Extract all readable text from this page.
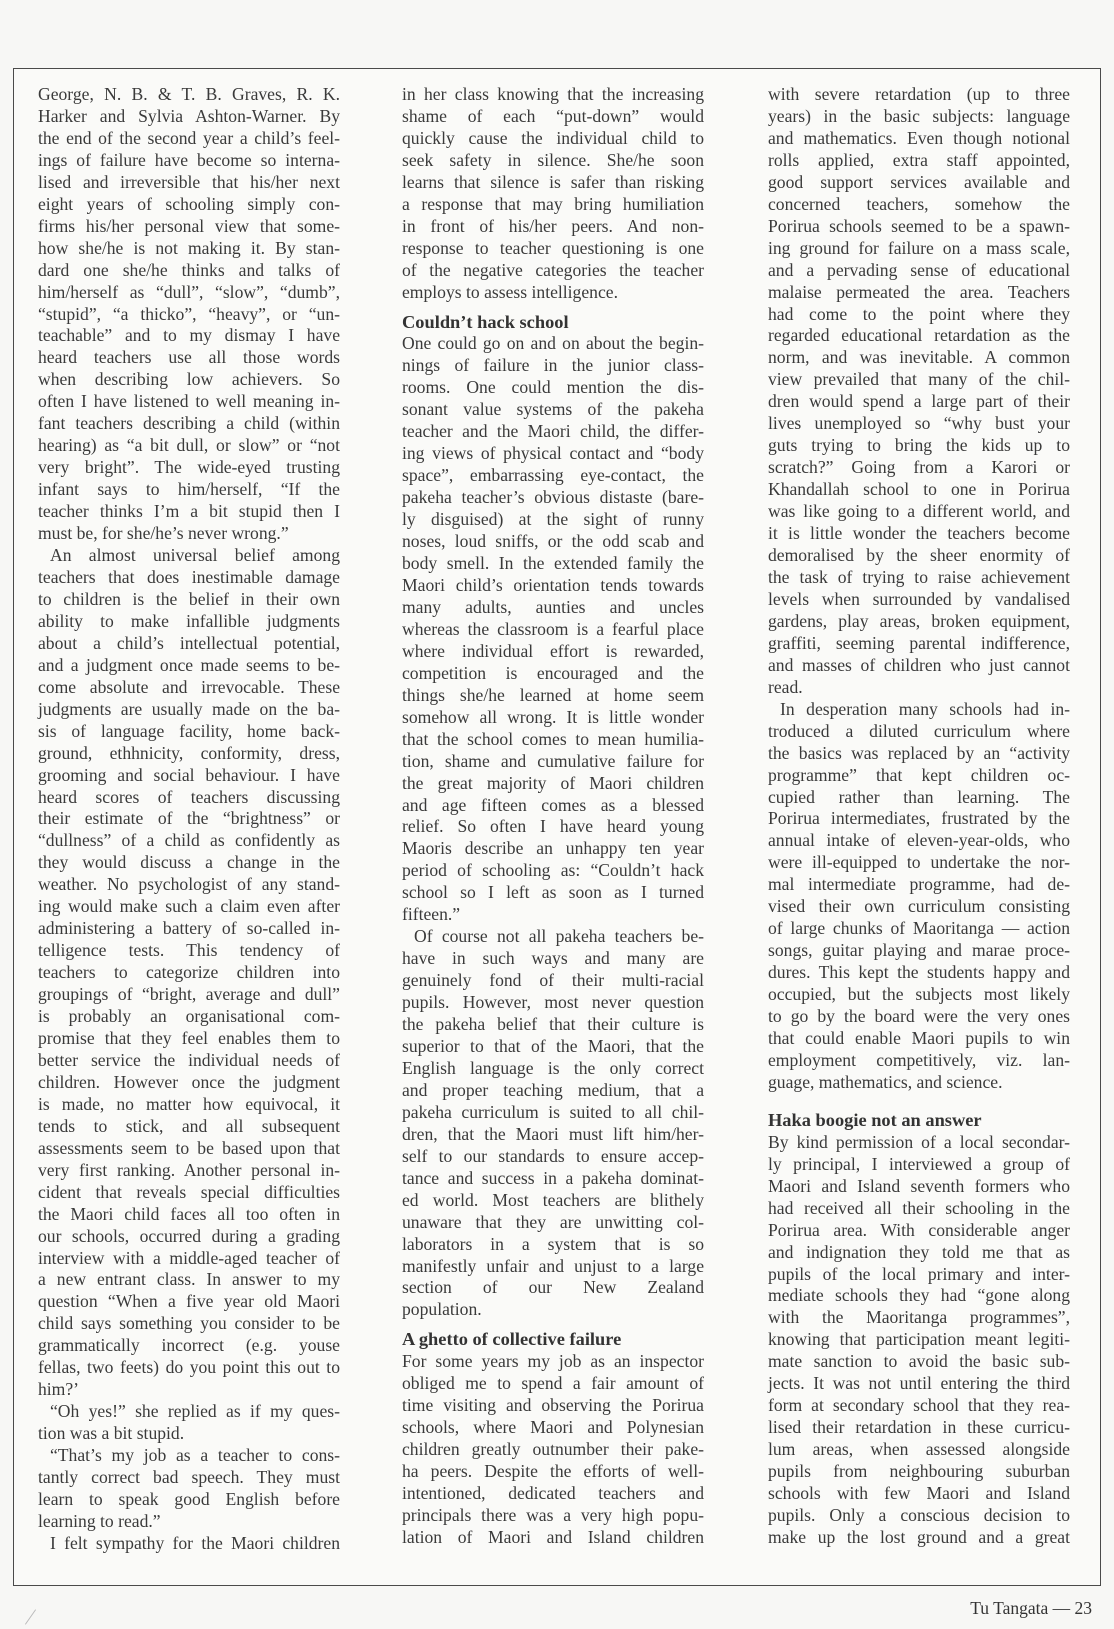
George, N. B. & T. B. Graves, R. K.
Harker and Sylvia Ashton-Warner. By
the end of the second year a child’s feel-
ings of failure have become so interna-
lised and irreversible that his/her next
eight years of schooling simply con-
firms his/her personal view that some-
how she/he is not making it. By stan-
dard one she/he thinks and talks of
him/herself as “dull”, “slow”, “dumb”,
“stupid”, “a thicko”, “heavy”, or “un-
teachable” and to my dismay I have
heard teachers use all those words
when describing low achievers. So
often I have listened to well meaning in-
fant teachers describing a child (within
hearing) as “a bit dull, or slow” or “not
very bright”. The wide-eyed trusting
infant says to him/herself, “If the
teacher thinks I’m a bit stupid then I
must be, for she/he’s never wrong.”
An almost universal belief among
teachers that does inestimable damage
to children is the belief in their own
ability to make infallible judgments
about a child’s intellectual potential,
and a judgment once made seems to be-
come absolute and irrevocable. These
judgments are usually made on the ba-
sis of language facility, home back-
ground, ethhnicity, conformity, dress,
grooming and social behaviour. I have
heard scores of teachers discussing
their estimate of the “brightness” or
“dullness” of a child as confidently as
they would discuss a change in the
weather. No psychologist of any stand-
ing would make such a claim even after
administering a battery of so-called in-
telligence tests. This tendency of
teachers to categorize children into
groupings of “bright, average and dull”
is probably an organisational com-
promise that they feel enables them to
better service the individual needs of
children. However once the judgment
is made, no matter how equivocal, it
tends to stick, and all subsequent
assessments seem to be based upon that
very first ranking. Another personal in-
cident that reveals special difficulties
the Maori child faces all too often in
our schools, occurred during a grading
interview with a middle-aged teacher of
a new entrant class. In answer to my
question “When a five year old Maori
child says something you consider to be
grammatically incorrect (e.g. youse
fellas, two feets) do you point this out to
him?’
“Oh yes!” she replied as if my ques-
tion was a bit stupid.
“That’s my job as a teacher to cons-
tantly correct bad speech. They must
learn to speak good English before
learning to read.”
I felt sympathy for the Maori children
in her class knowing that the increasing
shame of each “put-down” would
quickly cause the individual child to
seek safety in silence. She/he soon
learns that silence is safer than risking
a response that may bring humiliation
in front of his/her peers. And non-
response to teacher questioning is one
of the negative categories the teacher
employs to assess intelligence.
Couldn’t hack school
One could go on and on about the begin-
nings of failure in the junior class-
rooms. One could mention the dis-
sonant value systems of the pakeha
teacher and the Maori child, the differ-
ing views of physical contact and “body
space”, embarrassing eye-contact, the
pakeha teacher’s obvious distaste (bare-
ly disguised) at the sight of runny
noses, loud sniffs, or the odd scab and
body smell. In the extended family the
Maori child’s orientation tends towards
many adults, aunties and uncles
whereas the classroom is a fearful place
where individual effort is rewarded,
competition is encouraged and the
things she/he learned at home seem
somehow all wrong. It is little wonder
that the school comes to mean humilia-
tion, shame and cumulative failure for
the great majority of Maori children
and age fifteen comes as a blessed
relief. So often I have heard young
Maoris describe an unhappy ten year
period of schooling as: “Couldn’t hack
school so I left as soon as I turned
fifteen.”
Of course not all pakeha teachers be-
have in such ways and many are
genuinely fond of their multi-racial
pupils. However, most never question
the pakeha belief that their culture is
superior to that of the Maori, that the
English language is the only correct
and proper teaching medium, that a
pakeha curriculum is suited to all chil-
dren, that the Maori must lift him/her-
self to our standards to ensure accep-
tance and success in a pakeha dominat-
ed world. Most teachers are blithely
unaware that they are unwitting col-
laborators in a system that is so
manifestly unfair and unjust to a large
section of our New Zealand
population.
A ghetto of collective failure
For some years my job as an inspector
obliged me to spend a fair amount of
time visiting and observing the Porirua
schools, where Maori and Polynesian
children greatly outnumber their pake-
ha peers. Despite the efforts of well-
intentioned, dedicated teachers and
principals there was a very high popu-
lation of Maori and Island children
with severe retardation (up to three
years) in the basic subjects: language
and mathematics. Even though notional
rolls applied, extra staff appointed,
good support services available and
concerned teachers, somehow the
Porirua schools seemed to be a spawn-
ing ground for failure on a mass scale,
and a pervading sense of educational
malaise permeated the area. Teachers
had come to the point where they
regarded educational retardation as the
norm, and was inevitable. A common
view prevailed that many of the chil-
dren would spend a large part of their
lives unemployed so “why bust your
guts trying to bring the kids up to
scratch?” Going from a Karori or
Khandallah school to one in Porirua
was like going to a different world, and
it is little wonder the teachers become
demoralised by the sheer enormity of
the task of trying to raise achievement
levels when surrounded by vandalised
gardens, play areas, broken equipment,
graffiti, seeming parental indifference,
and masses of children who just cannot
read.
In desperation many schools had in-
troduced a diluted curriculum where
the basics was replaced by an “activity
programme” that kept children oc-
cupied rather than learning. The
Porirua intermediates, frustrated by the
annual intake of eleven-year-olds, who
were ill-equipped to undertake the nor-
mal intermediate programme, had de-
vised their own curriculum consisting
of large chunks of Maoritanga — action
songs, guitar playing and marae proce-
dures. This kept the students happy and
occupied, but the subjects most likely
to go by the board were the very ones
that could enable Maori pupils to win
employment competitively, viz. lan-
guage, mathematics, and science.
Haka boogie not an answer
By kind permission of a local secondar-
ly principal, I interviewed a group of
Maori and Island seventh formers who
had received all their schooling in the
Porirua area. With considerable anger
and indignation they told me that as
pupils of the local primary and inter-
mediate schools they had “gone along
with the Maoritanga programmes”,
knowing that participation meant legiti-
mate sanction to avoid the basic sub-
jects. It was not until entering the third
form at secondary school that they rea-
lised their retardation in these curricu-
lum areas, when assessed alongside
pupils from neighbouring suburban
schools with few Maori and Island
pupils. Only a conscious decision to
make up the lost ground and a great
Tu Tangata — 23
